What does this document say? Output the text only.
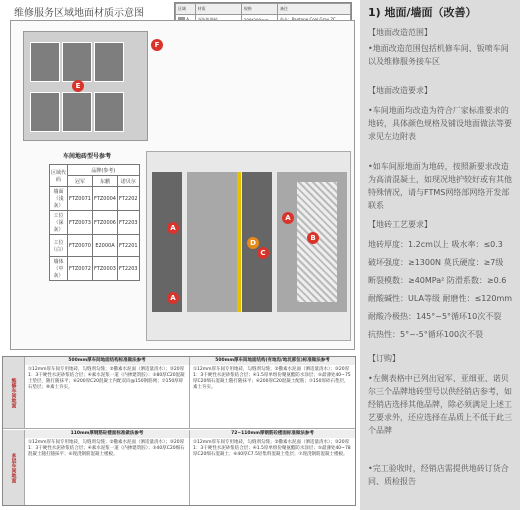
维修服务区域地面材质示意图	区域	材质	规格	备注

E
F
A
A
B
D
C
A
车间地砖型号参考
区域代码	品牌(参考)		
	冠军	东鹏	诺贝尔
墙面（浅灰）	FTZ0071	FTZ0004	FT2202
工位（深灰）	FTZ0073	FTZ0006	FT2203
工位（白）	FTZ0070	E2000A	FT2201
墙体（中灰）	FTZ0072	FTZ0003	FT2203
维修车间地面
500mm厚车间地面结构标准做法参考
①12mm厚车间专用地砖，勾缝剂勾缝；②撒素水泥面（洒适量清水）；③20厚1：3干硬性水泥砂浆结合层；④素水泥浆一道（内掺建筑胶）；⑤80厚C20混凝土垫层，随打随抹平；⑥200厚C20混凝土内配双向@150钢筋网；⑦150厚碎石垫层；⑧素土夯实。
500mm厚车间地面结构(有地沟/地坑部位)标准做法参考
①12mm厚车间专用地砖，勾缝剂勾缝；②撒素水泥面（洒适量清水）；③20厚1：3干硬性水泥砂浆结合层；④1.5厚单组份聚氨酯防水涂层；⑤最薄处40~75厚C20细石混凝土随打随抹平；⑥200厚C20混凝土配筋；⑦150厚碎石垫层，素土夯实。
多层车间地面
110mm厚钢筋砼楼面标准做法参考
①12mm厚车间专用地砖，勾缝剂勾缝；②撒素水泥面（洒适量清水）；③20厚1：3干硬性水泥砂浆结合层；④素水泥浆一道（内掺建筑胶）；⑤40厚C20细石混凝土随打随抹平；⑥现浇钢筋混凝土楼板。
72~110mm厚钢筋砼楼面标准做法参考
①12mm厚车间专用地砖，勾缝剂勾缝；②撒素水泥面（洒适量清水）；③20厚1：3干硬性水泥砂浆结合层；④1.5厚单组份聚氨酯防水涂层；⑤最薄处40~78厚C20细石混凝土；⑥40厚C7.5轻集料混凝土垫层；⑦现浇钢筋混凝土楼板。
1) 地面/墙面（改善）
【地面改造范围】
•地面改造范围包括机修车间、钣喷车间以及维修服务接车区
【地面改造要求】
•车间地面均改造为符合厂家标准要求的地砖，具体颜色规格及铺设地面做法等要求见左边附表
•如车间原地面为地砖，按照新要求改造为高清混凝土，如现况地护较好或有其他特殊情况，请与FTMS网络部网络开发部联系
【地砖工艺要求】
地砖厚度：1.2cm以上 吸水率：≤0.3
破坏强度：≥1300N 莫氏硬度：≥7级
断裂模数：≥40MPa² 防滑系数：≥0.6
耐酸碱性：ULA等级 耐磨性：≤120mm
耐酸冷极热：145°~5°循环10次不裂
抗热性：5°~-5°循环100次不裂
【订购】
•左侧表格中已列出冠军、亚细亚、诺贝尔三个品牌地砖型号以供经销店参考，如经销店选择其他品牌，除必须满足上述工艺要求外，还应选择在品质上不低于此三个品牌
•完工验收时，经销店需提供地砖订货合同、质检报告
